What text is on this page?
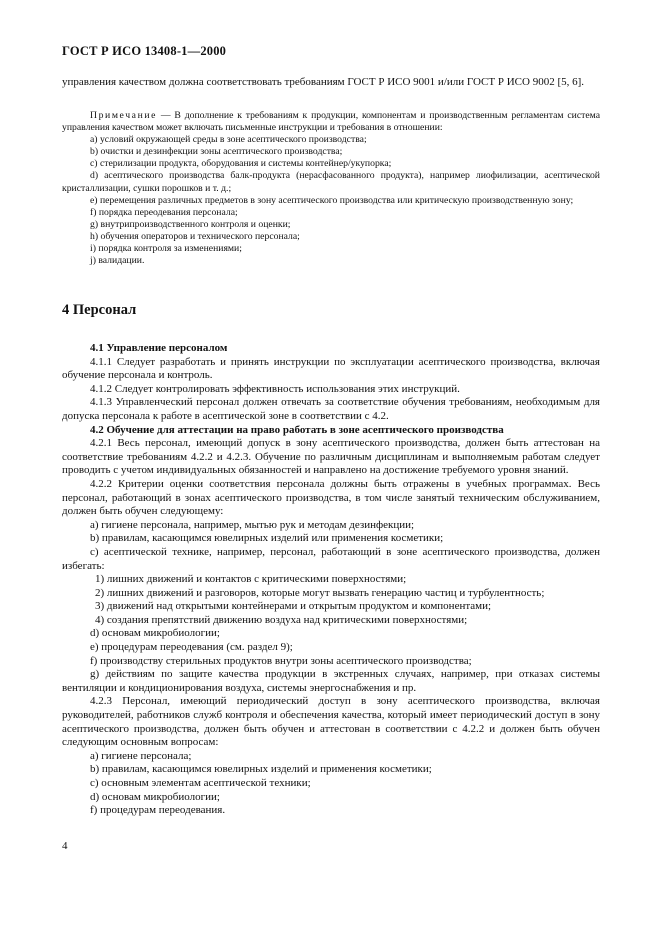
ГОСТ Р ИСО 13408-1—2000

управления качеством должна соответствовать требованиям ГОСТ Р ИСО 9001 и/или ГОСТ Р ИСО 9002 [5, 6].

Примечание — В дополнение к требованиям к продукции, компонентам и производственным регламентам система управления качеством может включать письменные инструкции и требования в отношении:

a) условий окружающей среды в зоне асептического производства;

b) очистки и дезинфекции зоны асептического производства;

c) стерилизации продукта, оборудования и системы контейнер/укупорка;

d) асептического производства балк-продукта (нерасфасованного продукта), например лиофилизации, асептической кристаллизации, сушки порошков и т. д.;

e) перемещения различных предметов в зону асептического производства или критическую производственную зону;

f) порядка переодевания персонала;

g) внутрипроизводственного контроля и оценки;

h) обучения операторов и технического персонала;

i) порядка контроля за изменениями;

j) валидации.

4 Персонал

4.1 Управление персоналом

4.1.1 Следует разработать и принять инструкции по эксплуатации асептического производства, включая обучение персонала и контроль.

4.1.2 Следует контролировать эффективность использования этих инструкций.

4.1.3 Управленческий персонал должен отвечать за соответствие обучения требованиям, необходимым для допуска персонала к работе в асептической зоне в соответствии с 4.2.

4.2 Обучение для аттестации на право работать в зоне асептического производства

4.2.1 Весь персонал, имеющий допуск в зону асептического производства, должен быть аттестован на соответствие требованиям 4.2.2 и 4.2.3. Обучение по различным дисциплинам и выполняемым работам следует проводить с учетом индивидуальных обязанностей и направлено на достижение требуемого уровня знаний.

4.2.2 Критерии оценки соответствия персонала должны быть отражены в учебных программах. Весь персонал, работающий в зонах асептического производства, в том числе занятый техническим обслуживанием, должен быть обучен следующему:

a) гигиене персонала, например, мытью рук и методам дезинфекции;

b) правилам, касающимся ювелирных изделий или применения косметики;

c) асептической технике, например, персонал, работающий в зоне асептического производства, должен избегать:

1) лишних движений и контактов с критическими поверхностями;

2) лишних движений и разговоров, которые могут вызвать генерацию частиц и турбулентность;

3) движений над открытыми контейнерами и открытым продуктом и компонентами;

4) создания препятствий движению воздуха над критическими поверхностями;

d) основам микробиологии;

e) процедурам переодевания (см. раздел 9);

f) производству стерильных продуктов внутри зоны асептического производства;

g) действиям по защите качества продукции в экстренных случаях, например, при отказах системы вентиляции и кондиционирования воздуха, системы энергоснабжения и пр.

4.2.3 Персонал, имеющий периодический доступ в зону асептического производства, включая руководителей, работников служб контроля и обеспечения качества, который имеет периодический доступ в зону асептического производства, должен быть обучен и аттестован в соответствии с 4.2.2 и должен быть обучен следующим основным вопросам:

a) гигиене персонала;

b) правилам, касающимся ювелирных изделий и применения косметики;

c) основным элементам асептической техники;

d) основам микробиологии;

f) процедурам переодевания.

4
